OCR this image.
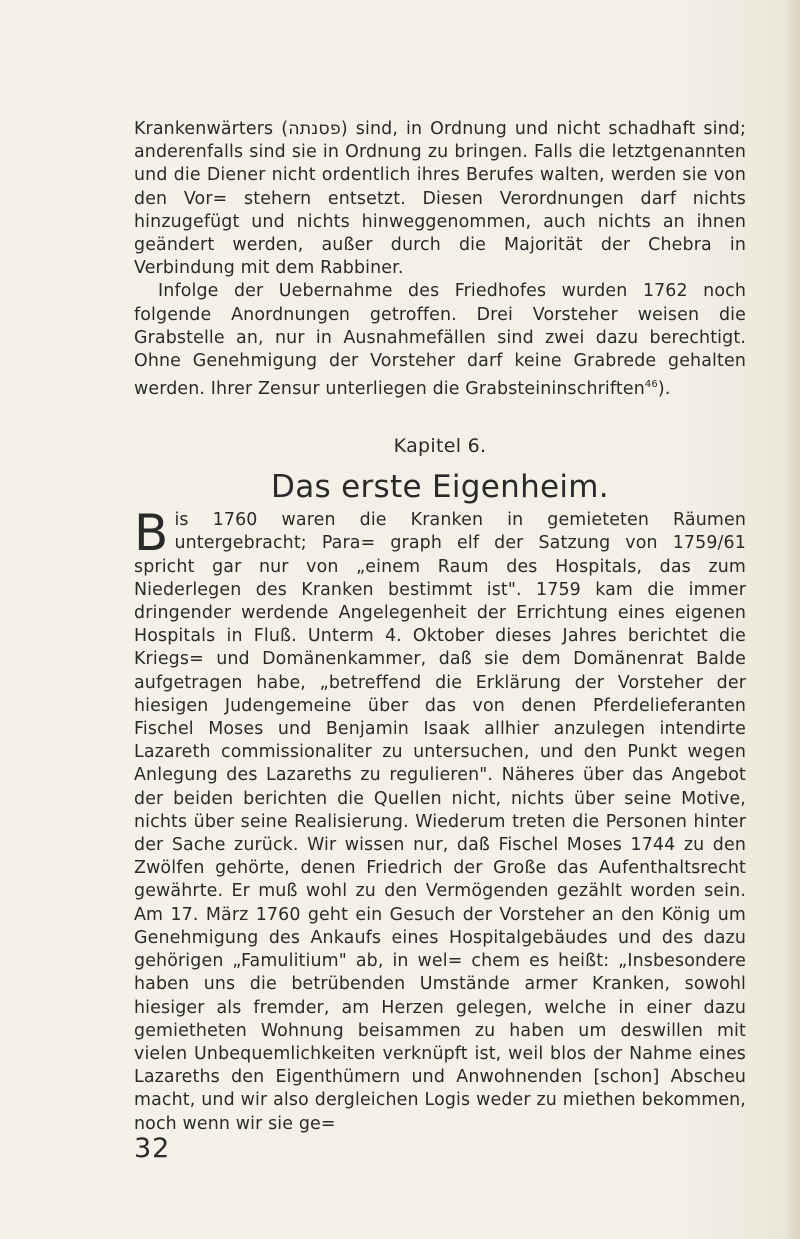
Krankenwärters (פסנתה) sind, in Ordnung und nicht schadhaft sind; anderenfalls sind sie in Ordnung zu bringen. Falls die letztgenannten und die Diener nicht ordentlich ihres Berufes walten, werden sie von den Vor= stehern entsetzt. Diesen Verordnungen darf nichts hinzugefügt und nichts hinweggenommen, auch nichts an ihnen geändert werden, außer durch die Majorität der Chebra in Verbindung mit dem Rabbiner.

Infolge der Uebernahme des Friedhofes wurden 1762 noch folgende Anordnungen getroffen. Drei Vorsteher weisen die Grabstelle an, nur in Ausnahmefällen sind zwei dazu berechtigt. Ohne Genehmigung der Vorsteher darf keine Grabrede gehalten werden. Ihrer Zensur unterliegen die Grabsteininschriften$^{46}$).

Kapitel 6.
Das erste Eigenheim.

Bis 1760 waren die Kranken in gemieteten Räumen untergebracht; Para= graph elf der Satzung von 1759/61 spricht gar nur von „einem Raum des Hospitals, das zum Niederlegen des Kranken bestimmt ist". 1759 kam die immer dringender werdende Angelegenheit der Errichtung eines eigenen Hospitals in Fluß. Unterm 4. Oktober dieses Jahres berichtet die Kriegs= und Domänenkammer, daß sie dem Domänenrat Balde aufgetragen habe, „betreffend die Erklärung der Vorsteher der hiesigen Judengemeine über das von denen Pferdelieferanten Fischel Moses und Benjamin Isaak allhier anzulegen intendirte Lazareth commissionaliter zu untersuchen, und den Punkt wegen Anlegung des Lazareths zu regulieren". Näheres über das Angebot der beiden berichten die Quellen nicht, nichts über seine Motive, nichts über seine Realisierung. Wiederum treten die Personen hinter der Sache zurück. Wir wissen nur, daß Fischel Moses 1744 zu den Zwölfen gehörte, denen Friedrich der Große das Aufenthaltsrecht gewährte. Er muß wohl zu den Vermögenden gezählt worden sein. Am 17. März 1760 geht ein Gesuch der Vorsteher an den König um Genehmigung des Ankaufs eines Hospitalgebäudes und des dazu gehörigen „Famulitium" ab, in wel= chem es heißt: „Insbesondere haben uns die betrübenden Umstände armer Kranken, sowohl hiesiger als fremder, am Herzen gelegen, welche in einer dazu gemietheten Wohnung beisammen zu haben um deswillen mit vielen Unbequemlichkeiten verknüpft ist, weil blos der Nahme eines Lazareths den Eigenthümern und Anwohnenden [schon] Abscheu macht, und wir also dergleichen Logis weder zu miethen bekommen, noch wenn wir sie ge=

32
